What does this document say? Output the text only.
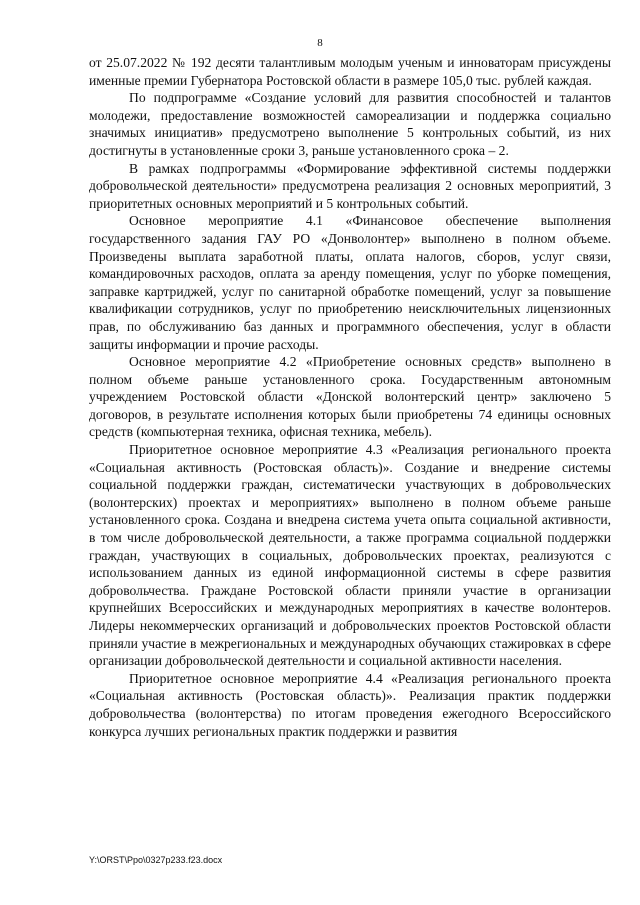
8

от 25.07.2022 № 192 десяти талантливым молодым ученым и инноваторам присуждены именные премии Губернатора Ростовской области в размере 105,0 тыс. рублей каждая.

По подпрограмме «Создание условий для развития способностей и талантов молодежи, предоставление возможностей самореализации и поддержка социально значимых инициатив» предусмотрено выполнение 5 контрольных событий, из них достигнуты в установленные сроки 3, раньше установленного срока – 2.

В рамках подпрограммы «Формирование эффективной системы поддержки добровольческой деятельности» предусмотрена реализация 2 основных мероприятий, 3 приоритетных основных мероприятий и 5 контрольных событий.

Основное мероприятие 4.1 «Финансовое обеспечение выполнения государственного задания ГАУ РО «Донволонтер» выполнено в полном объеме. Произведены выплата заработной платы, оплата налогов, сборов, услуг связи, командировочных расходов, оплата за аренду помещения, услуг по уборке помещения, заправке картриджей, услуг по санитарной обработке помещений, услуг за повышение квалификации сотрудников, услуг по приобретению неисключительных лицензионных прав, по обслуживанию баз данных и программного обеспечения, услуг в области защиты информации и прочие расходы.

Основное мероприятие 4.2 «Приобретение основных средств» выполнено в полном объеме раньше установленного срока. Государственным автономным учреждением Ростовской области «Донской волонтерский центр» заключено 5 договоров, в результате исполнения которых были приобретены 74 единицы основных средств (компьютерная техника, офисная техника, мебель).

Приоритетное основное мероприятие 4.3 «Реализация регионального проекта «Социальная активность (Ростовская область)». Создание и внедрение системы социальной поддержки граждан, систематически участвующих в добровольческих (волонтерских) проектах и мероприятиях» выполнено в полном объеме раньше установленного срока. Создана и внедрена система учета опыта социальной активности, в том числе добровольческой деятельности, а также программа социальной поддержки граждан, участвующих в социальных, добровольческих проектах, реализуются с использованием данных из единой информационной системы в сфере развития добровольчества. Граждане Ростовской области приняли участие в организации крупнейших Всероссийских и международных мероприятиях в качестве волонтеров. Лидеры некоммерческих организаций и добровольческих проектов Ростовской области приняли участие в межрегиональных и международных обучающих стажировках в сфере организации добровольческой деятельности и социальной активности населения.

Приоритетное основное мероприятие 4.4 «Реализация регионального проекта «Социальная активность (Ростовская область)». Реализация практик поддержки добровольчества (волонтерства) по итогам проведения ежегодного Всероссийского конкурса лучших региональных практик поддержки и развития

Y:\ORST\Ppo\0327p233.f23.docx
